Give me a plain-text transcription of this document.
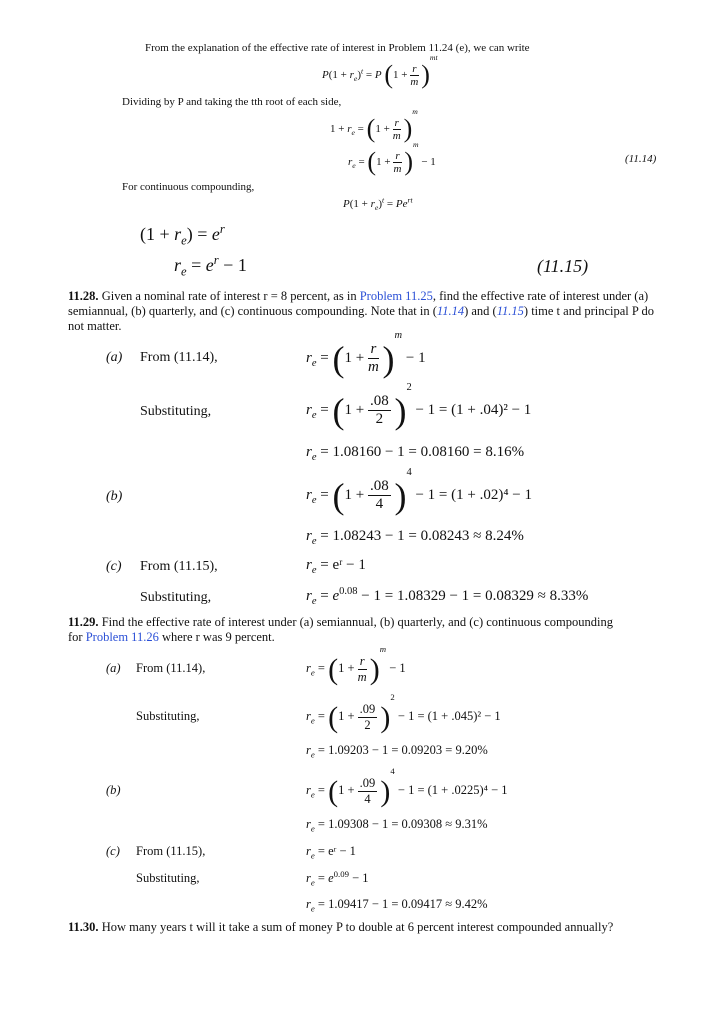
From the explanation of the effective rate of interest in Problem 11.24 (e), we can write
$P(1 + r_e)^t = P$ $(1 + \frac{r}{m} )^{mt}$
Dividing by P and taking the tth root of each side,
$1 + r_e = (1 + \frac{r}{m} )^m$
$r_e = (1 + \frac{r}{m} )^m - 1$	(11.14)
For continuous compounding,
$P(1 + r_e)^t = Pe^{rt}$
$(1 + r_e) = e^r$
$r_e = e^r - 1$	(11.15)
11.28. Given a nominal rate of interest r = 8 percent, as in Problem 11.25, find the effective rate of interest under (a) semiannual, (b) quarterly, and (c) continuous compounding. Note that in (11.14) and (11.15) time t and principal P do not matter.
(a) From (11.14),	$r_e = (1 + \frac{r}{m} )^m - 1$
Substituting,	$r_e = (1 + \frac{.08}{2} )^2 - 1 = (1 + .04)^2 - 1$
$r_e = 1.08160 - 1 = 0.08160 = 8.16\%$
(b)	$r_e = (1 + \frac{.08}{4} )^4 - 1 = (1 + .02)^4 - 1$
$r_e = 1.08243 - 1 = 0.08243 \approx 8.24\%$
(c) From (11.15),	$r_e$ = eʳ − 1
Substituting,	$r_e = e^{0.08} - 1 = 1.08329 - 1 = 0.08329 \approx 8.33\%$
11.29. Find the effective rate of interest under (a) semiannual, (b) quarterly, and (c) continuous compounding for Problem 11.26 where r was 9 percent.
(a) From (11.14),	$r_e = (1 + \frac{r}{m} )^m - 1$
Substituting,	$r_e = (1 + \frac{.09}{2} )^2 - 1 = (1 + .045)^2 - 1$
$r_e = 1.09203 - 1 = 0.09203 = 9.20\%$
(b)	$r_e = (1 + \frac{.09}{4} )^4 - 1 = (1 + .0225)^4 - 1$
$r_e = 1.09308 - 1 = 0.09308 \approx 9.31\%$
(c) From (11.15),	$r_e$ = eʳ − 1
Substituting,	$r_e = e^{0.09} - 1$
$r_e = 1.09417 - 1 = 0.09417 \approx 9.42\%$
11.30. How many years t will it take a sum of money P to double at 6 percent interest compounded annually?
